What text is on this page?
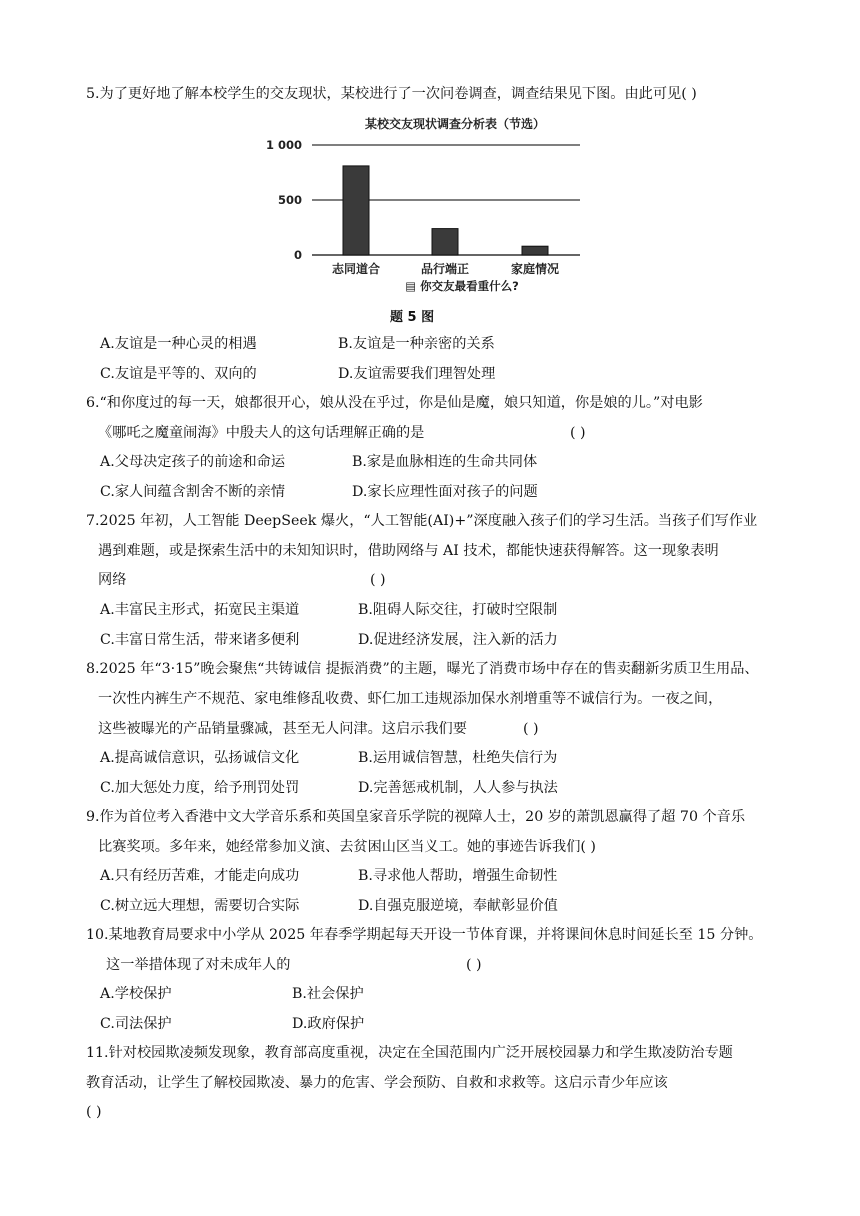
5.为了更好地了解本校学生的交友现状，某校进行了一次问卷调查，调查结果见下图。由此可见( )
某校交友现状调查分析表（节选）
0
500
1 000
志同道合	品行端正	家庭情况
▤ 你交友最看重什么?
题 5 图
A.友谊是一种心灵的相遇	B.友谊是一种亲密的关系
C.友谊是平等的、双向的	D.友谊需要我们理智处理
6.“和你度过的每一天，娘都很开心，娘从没在乎过，你是仙是魔，娘只知道，你是娘的儿。”对电影
《哪吒之魔童闹海》中殷夫人的这句话理解正确的是	( )
A.父母决定孩子的前途和命运	B.家是血脉相连的生命共同体
C.家人间蕴含割舍不断的亲情	D.家长应理性面对孩子的问题
7.2025 年初，人工智能 DeepSeek 爆火，“人工智能(AI)+”深度融入孩子们的学习生活。当孩子们写作业
遇到难题，或是探索生活中的未知知识时，借助网络与 AI 技术，都能快速获得解答。这一现象表明
网络	( )
A.丰富民主形式，拓宽民主渠道	B.阻碍人际交往，打破时空限制
C.丰富日常生活，带来诸多便利	D.促进经济发展，注入新的活力
8.2025 年“3·15”晚会聚焦“共铸诚信 提振消费”的主题，曝光了消费市场中存在的售卖翻新劣质卫生用品、
一次性内裤生产不规范、家电维修乱收费、虾仁加工违规添加保水剂增重等不诚信行为。一夜之间，
这些被曝光的产品销量骤减，甚至无人问津。这启示我们要	( )
A.提高诚信意识，弘扬诚信文化	B.运用诚信智慧，杜绝失信行为
C.加大惩处力度，给予刑罚处罚	D.完善惩戒机制，人人参与执法
9.作为首位考入香港中文大学音乐系和英国皇家音乐学院的视障人士，20 岁的萧凯恩赢得了超 70 个音乐
比赛奖项。多年来，她经常参加义演、去贫困山区当义工。她的事迹告诉我们( )
A.只有经历苦难，才能走向成功	B.寻求他人帮助，增强生命韧性
C.树立远大理想，需要切合实际	D.自强克服逆境，奉献彰显价值
10.某地教育局要求中小学从 2025 年春季学期起每天开设一节体育课，并将课间休息时间延长至 15 分钟。
这一举措体现了对未成年人的	( )
A.学校保护	B.社会保护
C.司法保护	D.政府保护
11.针对校园欺凌频发现象，教育部高度重视，决定在全国范围内广泛开展校园暴力和学生欺凌防治专题
教育活动，让学生了解校园欺凌、暴力的危害、学会预防、自救和求救等。这启示青少年应该
( )
